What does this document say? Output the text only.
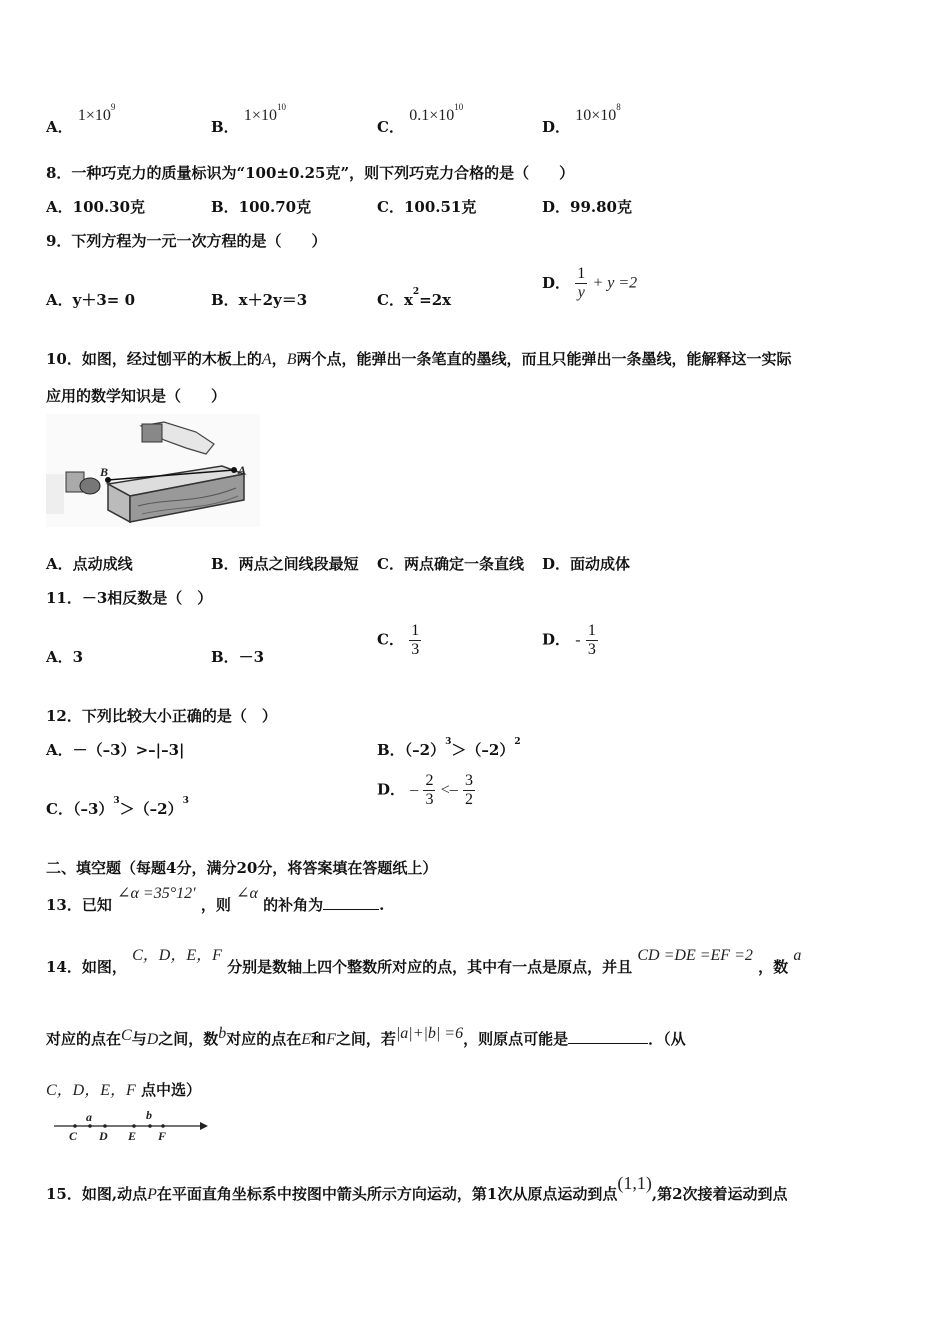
A． $1\times 10^9$
B． $1\times 10^{10}$
C． $0.1\times 10^{10}$
D． $10\times 10^8$
8．一种巧克力的质量标识为“100±0.25克”，则下列巧克力合格的是（　　）
A．100.30克	B．100.70克	C．100.51克	D．99.80克
9．下列方程为一元一次方程的是（　　）
A．y＋3= 0	B．x＋2y＝3	C．$x^2=2x$
D． $\frac{1}{y} + y =2$
10．如图，经过刨平的木板上的A，B两个点，能弹出一条笔直的墨线，而且只能弹出一条墨线，能解释这一实际
应用的数学知识是（　　）
B	A
A．点动成线	B．两点之间线段最短 C．两点确定一条直线 D．面动成体
11．－3相反数是（　）
A．3	B．－3
C． $\frac{1}{3}$	D． - $\frac{1}{3}$
12．下列比较大小正确的是（　）
A．－（–3）>–|–3|	B．$(-2)^3>(-2)^2$
C．$(-3)^3>(-2)^3$
D． – $\frac{2}{3} <- \frac{3}{2}$
二、填空题（每题4分，满分20分，将答案填在答题纸上）
13．已知 ∠α =35°12′ ，则 ∠α 的补角为	.
14．如图， C，D，E，F 分别是数轴上四个整数所对应的点，其中有一点是原点，并且 CD =DE =EF =2 ，数 a
对应的点在C与D之间，数b对应的点在E和F之间，若|a|+|b| =6，则原点可能是	．（从
C，D，E，F 点中选）
a	b
C D E F
15．如图,动点P在平面直角坐标系中按图中箭头所示方向运动，第1次从原点运动到点(1,1),第2次接着运动到点
